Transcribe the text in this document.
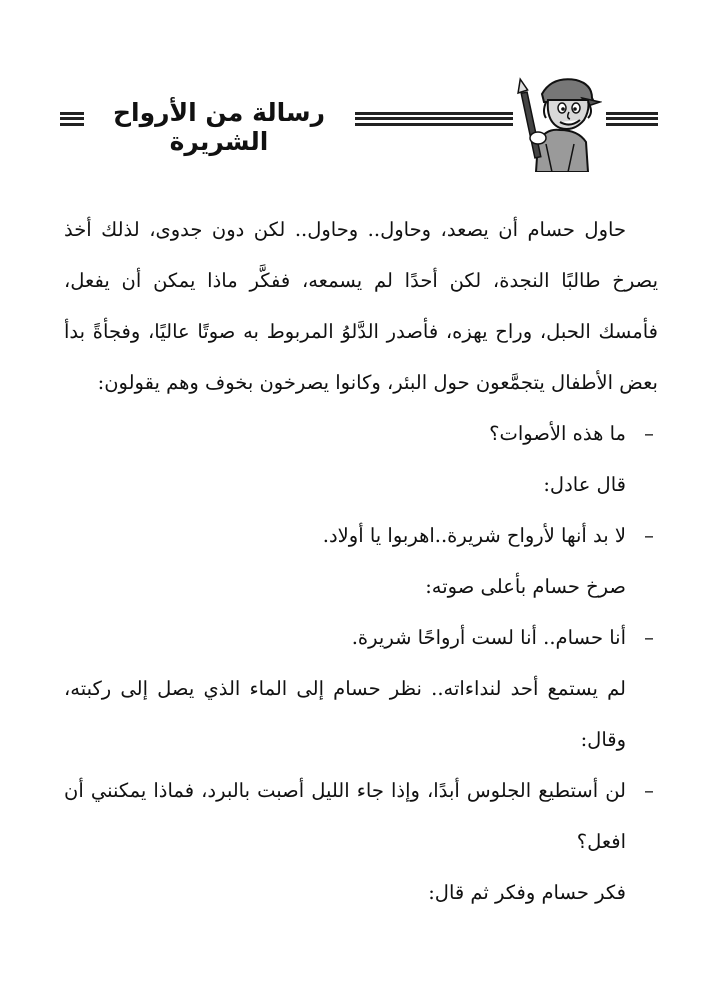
رسالة من الأرواح الشريرة

حاول حسام أن يصعد، وحاول.. وحاول.. لكن دون جدوى، لذلك أخذ يصرخ طالبًا النجدة، لكن أحدًا لم يسمعه، ففكَّر ماذا يمكن أن يفعل، فأمسك الحبل، وراح يهزه، فأصدر الدَّلوُ المربوط به صوتًا عاليًا، وفجأةً بدأ بعض الأطفال يتجمَّعون حول البئر، وكانوا يصرخون بخوف وهم يقولون:

–
ما هذه الأصوات؟

قال عادل:

–
لا بد أنها لأرواح شريرة..اهربوا يا أولاد.

صرخ حسام بأعلى صوته:

–
أنا حسام.. أنا لست أرواحًا شريرة.

لم يستمع أحد لنداءاته.. نظر حسام إلى الماء الذي يصل إلى ركبته، وقال:

–
لن أستطيع الجلوس أبدًا، وإذا جاء الليل أصبت بالبرد، فماذا يمكنني أن افعل؟

فكر حسام وفكر ثم قال:
